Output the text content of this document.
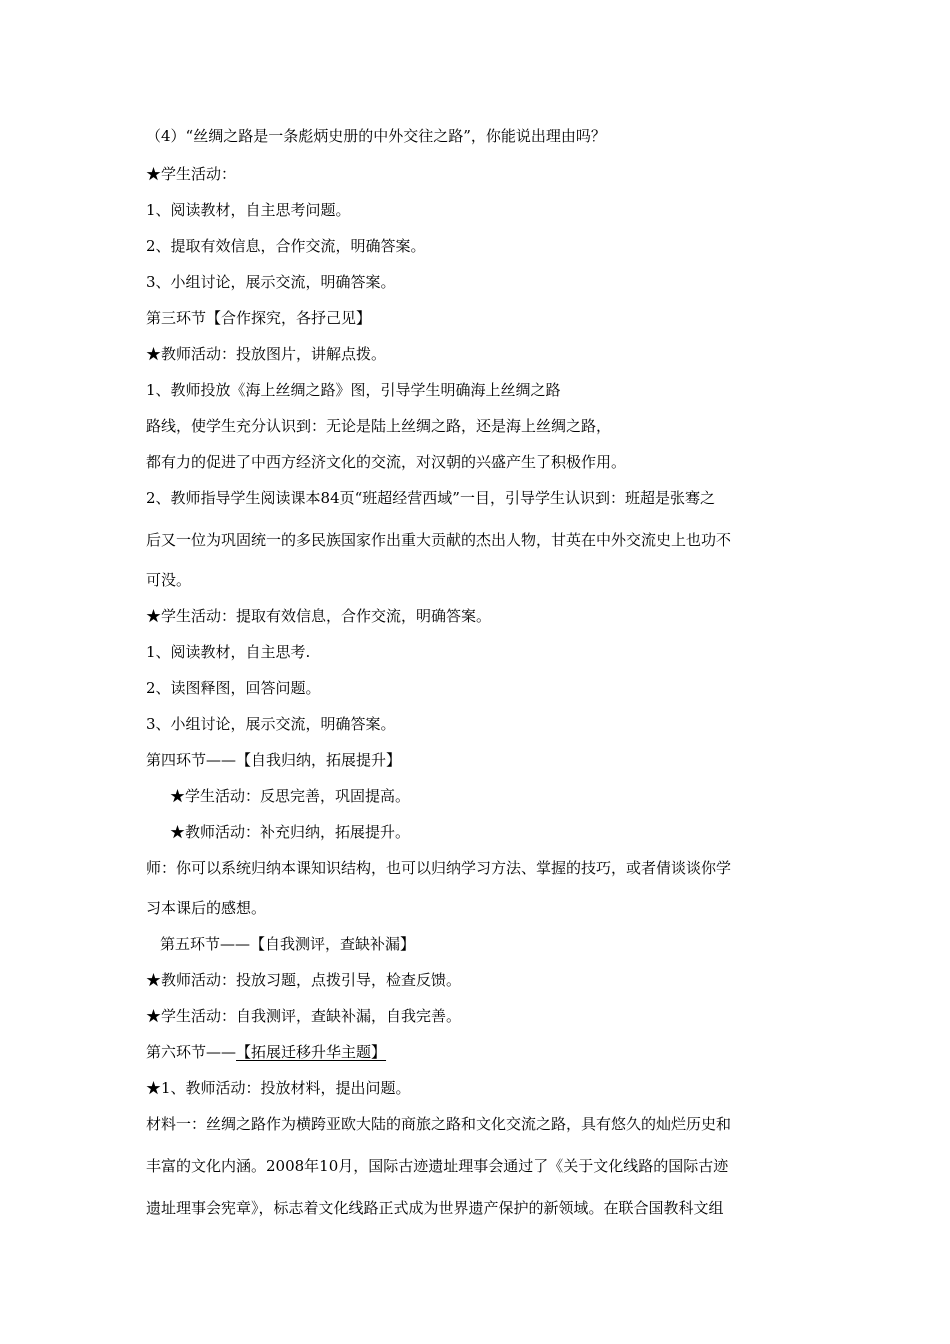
（4）“丝绸之路是一条彪炳史册的中外交往之路”，你能说出理由吗？
★学生活动：
1、阅读教材，自主思考问题。
2、提取有效信息，合作交流，明确答案。
3、小组讨论，展示交流，明确答案。
第三环节【合作探究，各抒己见】
★教师活动：投放图片，讲解点拨。
1、教师投放《海上丝绸之路》图，引导学生明确海上丝绸之路
路线，使学生充分认识到：无论是陆上丝绸之路，还是海上丝绸之路，
都有力的促进了中西方经济文化的交流，对汉朝的兴盛产生了积极作用。
2、教师指导学生阅读课本84页“班超经营西域”一目，引导学生认识到：班超是张骞之
后又一位为巩固统一的多民族国家作出重大贡献的杰出人物，甘英在中外交流史上也功不
可没。
★学生活动：提取有效信息，合作交流，明确答案。
1、阅读教材，自主思考.
2、读图释图，回答问题。
3、小组讨论，展示交流，明确答案。
第四环节——【自我归纳，拓展提升】
★学生活动：反思完善，巩固提高。
★教师活动：补充归纳，拓展提升。
师：你可以系统归纳本课知识结构，也可以归纳学习方法、掌握的技巧，或者倩谈谈你学
习本课后的感想。
第五环节——【自我测评，查缺补漏】
★教师活动：投放习题，点拨引导，检查反馈。
★学生活动：自我测评，查缺补漏，自我完善。
第六环节——【拓展迁移升华主题】
★1、教师活动：投放材料，提出问题。
材料一：丝绸之路作为横跨亚欧大陆的商旅之路和文化交流之路，具有悠久的灿烂历史和
丰富的文化内涵。2008年10月，国际古迹遗址理事会通过了《关于文化线路的国际古迹
遗址理事会宪章》，标志着文化线路正式成为世界遗产保护的新领域。在联合国教科文组
